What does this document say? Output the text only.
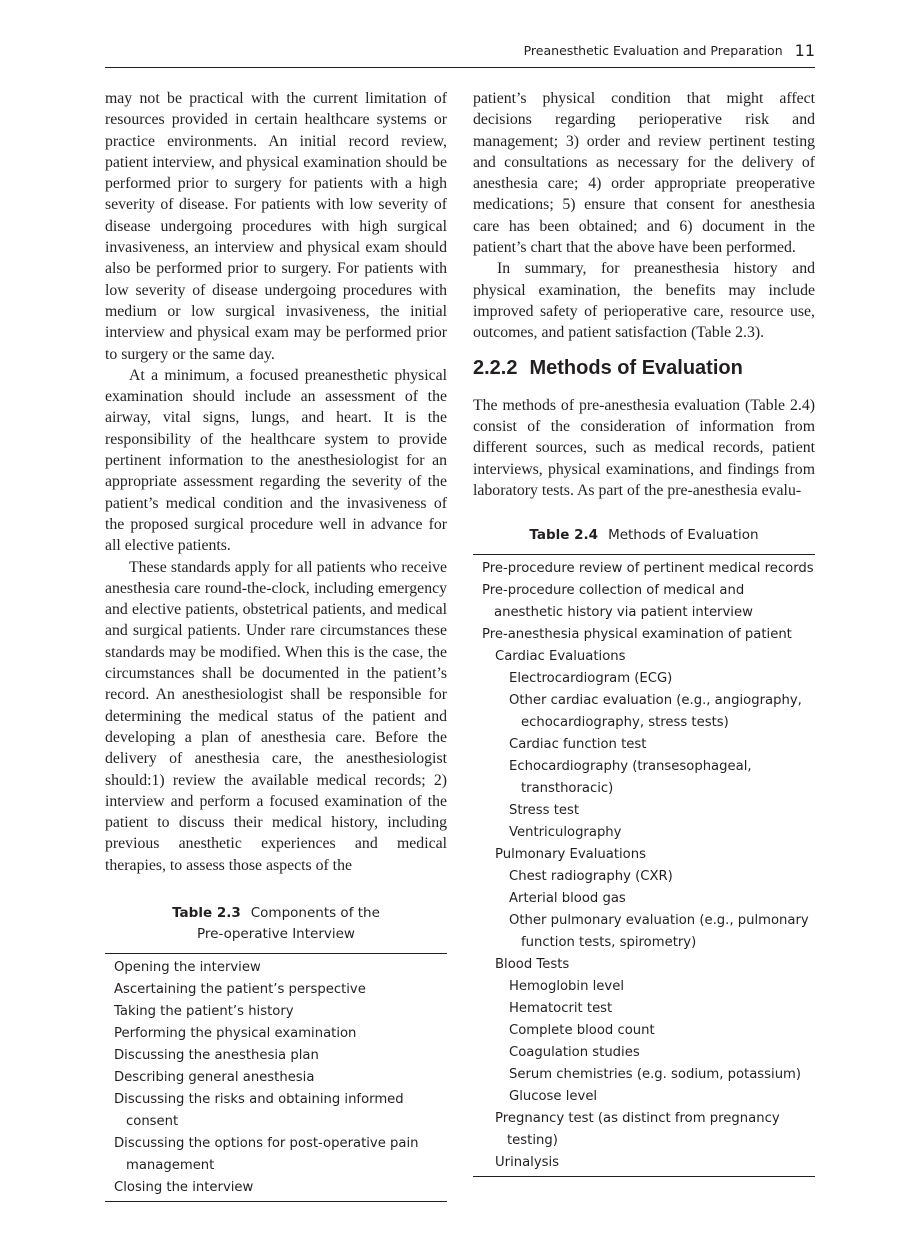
Preanesthetic Evaluation and Preparation 11

may not be practical with the current limitation of resources provided in certain healthcare systems or practice environments. An initial record review, patient interview, and physical examination should be performed prior to surgery for patients with a high severity of disease. For patients with low severity of disease undergoing procedures with high surgical invasiveness, an interview and physical exam should also be performed prior to surgery. For patients with low severity of disease undergoing procedures with medium or low surgical invasiveness, the initial interview and physical exam may be performed prior to surgery or the same day.

At a minimum, a focused preanesthetic physical examination should include an assessment of the airway, vital signs, lungs, and heart. It is the responsibility of the healthcare system to provide pertinent information to the anesthesiologist for an appropriate assessment regarding the severity of the patient’s medical condition and the invasiveness of the proposed surgical procedure well in advance for all elective patients.

These standards apply for all patients who receive anesthesia care round-the-clock, including emergency and elective patients, obstetrical patients, and medical and surgical patients. Under rare circumstances these standards may be modified. When this is the case, the circumstances shall be documented in the patient’s record. An anesthesiologist shall be responsible for determining the medical status of the patient and developing a plan of anesthesia care. Before the delivery of anesthesia care, the anesthesiologist should:1) review the available medical records; 2) interview and perform a focused examination of the patient to discuss their medical history, including previous anesthetic experiences and medical therapies, to assess those aspects of the

Table 2.3 Components of the
Pre-operative Interview
Opening the interview
Ascertaining the patient’s perspective
Taking the patient’s history
Performing the physical examination
Discussing the anesthesia plan
Describing general anesthesia
Discussing the risks and obtaining informed consent
Discussing the options for post-operative pain management
Closing the interview

patient’s physical condition that might affect decisions regarding perioperative risk and management; 3) order and review pertinent testing and consultations as necessary for the delivery of anesthesia care; 4) order appropriate preoperative medications; 5) ensure that consent for anesthesia care has been obtained; and 6) document in the patient’s chart that the above have been performed.

In summary, for preanesthesia history and physical examination, the benefits may include improved safety of perioperative care, resource use, outcomes, and patient satisfaction (Table 2.3).

2.2.2 Methods of Evaluation

The methods of pre-anesthesia evaluation (Table 2.4) consist of the consideration of information from different sources, such as medical records, patient interviews, physical examinations, and findings from laboratory tests. As part of the pre-anesthesia evalu-

Table 2.4 Methods of Evaluation
Pre-procedure review of pertinent medical records
Pre-procedure collection of medical and anesthetic history via patient interview
Pre-anesthesia physical examination of patient
Cardiac Evaluations
Electrocardiogram (ECG)
Other cardiac evaluation (e.g., angiography, echocardiography, stress tests)
Cardiac function test
Echocardiography (transesophageal, transthoracic)
Stress test
Ventriculography
Pulmonary Evaluations
Chest radiography (CXR)
Arterial blood gas
Other pulmonary evaluation (e.g., pulmonary function tests, spirometry)
Blood Tests
Hemoglobin level
Hematocrit test
Complete blood count
Coagulation studies
Serum chemistries (e.g. sodium, potassium)
Glucose level
Pregnancy test (as distinct from pregnancy testing)
Urinalysis
